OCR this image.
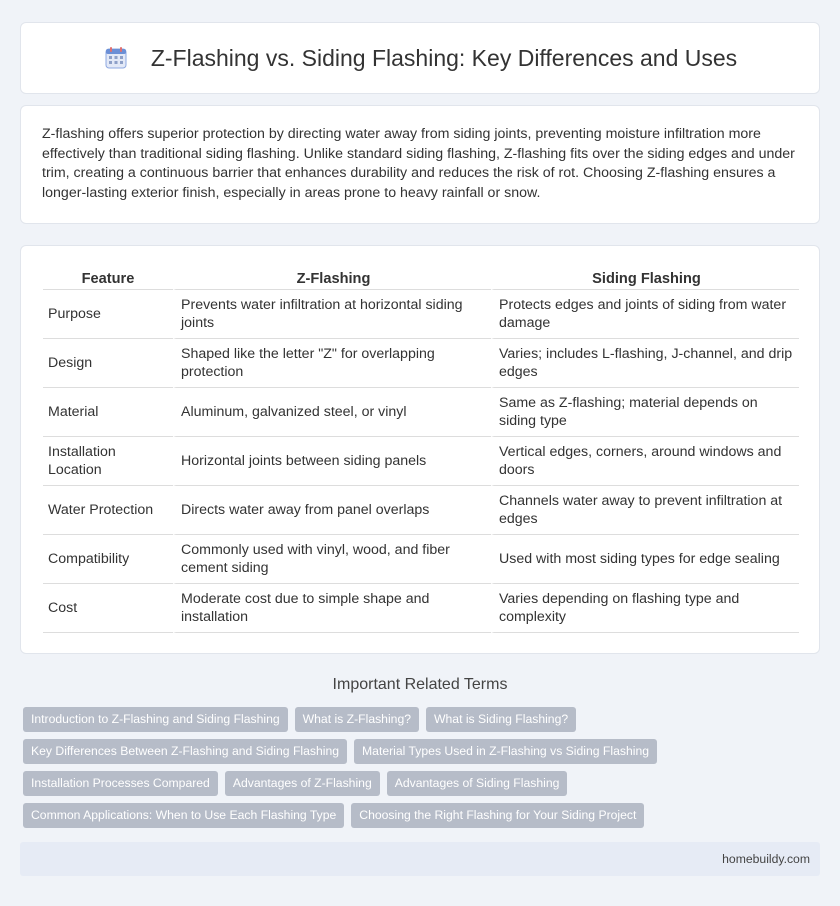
Z-Flashing vs. Siding Flashing: Key Differences and Uses

Z-flashing offers superior protection by directing water away from siding joints, preventing moisture infiltration more effectively than traditional siding flashing. Unlike standard siding flashing, Z-flashing fits over the siding edges and under trim, creating a continuous barrier that enhances durability and reduces the risk of rot. Choosing Z-flashing ensures a longer-lasting exterior finish, especially in areas prone to heavy rainfall or snow.

Feature	Z-Flashing	Siding Flashing
Purpose	Prevents water infiltration at horizontal siding joints	Protects edges and joints of siding from water damage
Design	Shaped like the letter "Z" for overlapping protection	Varies; includes L-flashing, J-channel, and drip edges
Material	Aluminum, galvanized steel, or vinyl	Same as Z-flashing; material depends on siding type
Installation Location	Horizontal joints between siding panels	Vertical edges, corners, around windows and doors
Water Protection	Directs water away from panel overlaps	Channels water away to prevent infiltration at edges
Compatibility	Commonly used with vinyl, wood, and fiber cement siding	Used with most siding types for edge sealing
Cost	Moderate cost due to simple shape and installation	Varies depending on flashing type and complexity
Important Related Terms
Introduction to Z-Flashing and Siding Flashing	What is Z-Flashing?	What is Siding Flashing?
Key Differences Between Z-Flashing and Siding Flashing	Material Types Used in Z-Flashing vs Siding Flashing
Installation Processes Compared	Advantages of Z-Flashing	Advantages of Siding Flashing
Common Applications: When to Use Each Flashing Type	Choosing the Right Flashing for Your Siding Project
homebuildy.com
